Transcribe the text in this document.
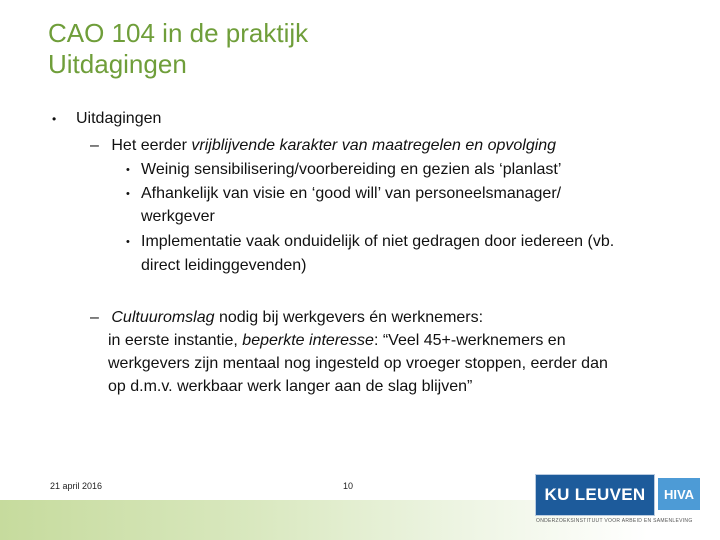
CAO 104 in de praktijk
Uitdagingen
• Uitdagingen
– Het eerder vrijblijvende karakter van maatregelen en opvolging
• Weinig sensibilisering/voorbereiding en gezien als ‘planlast’
• Afhankelijk van visie en ‘good will’ van personeelsmanager/
werkgever
• Implementatie vaak onduidelijk of niet gedragen door iedereen (vb.
direct leidinggevenden)
– Cultuuromslag nodig bij werkgevers én werknemers:
in eerste instantie, beperkte interesse: “Veel 45+-werknemers en
werkgevers zijn mentaal nog ingesteld op vroeger stoppen, eerder dan
op d.m.v. werkbaar werk langer aan de slag blijven”
21 april 2016	10	KU LEUVEN HIVA
ONDERZOEKSINSTITUUT VOOR ARBEID EN SAMENLEVING
